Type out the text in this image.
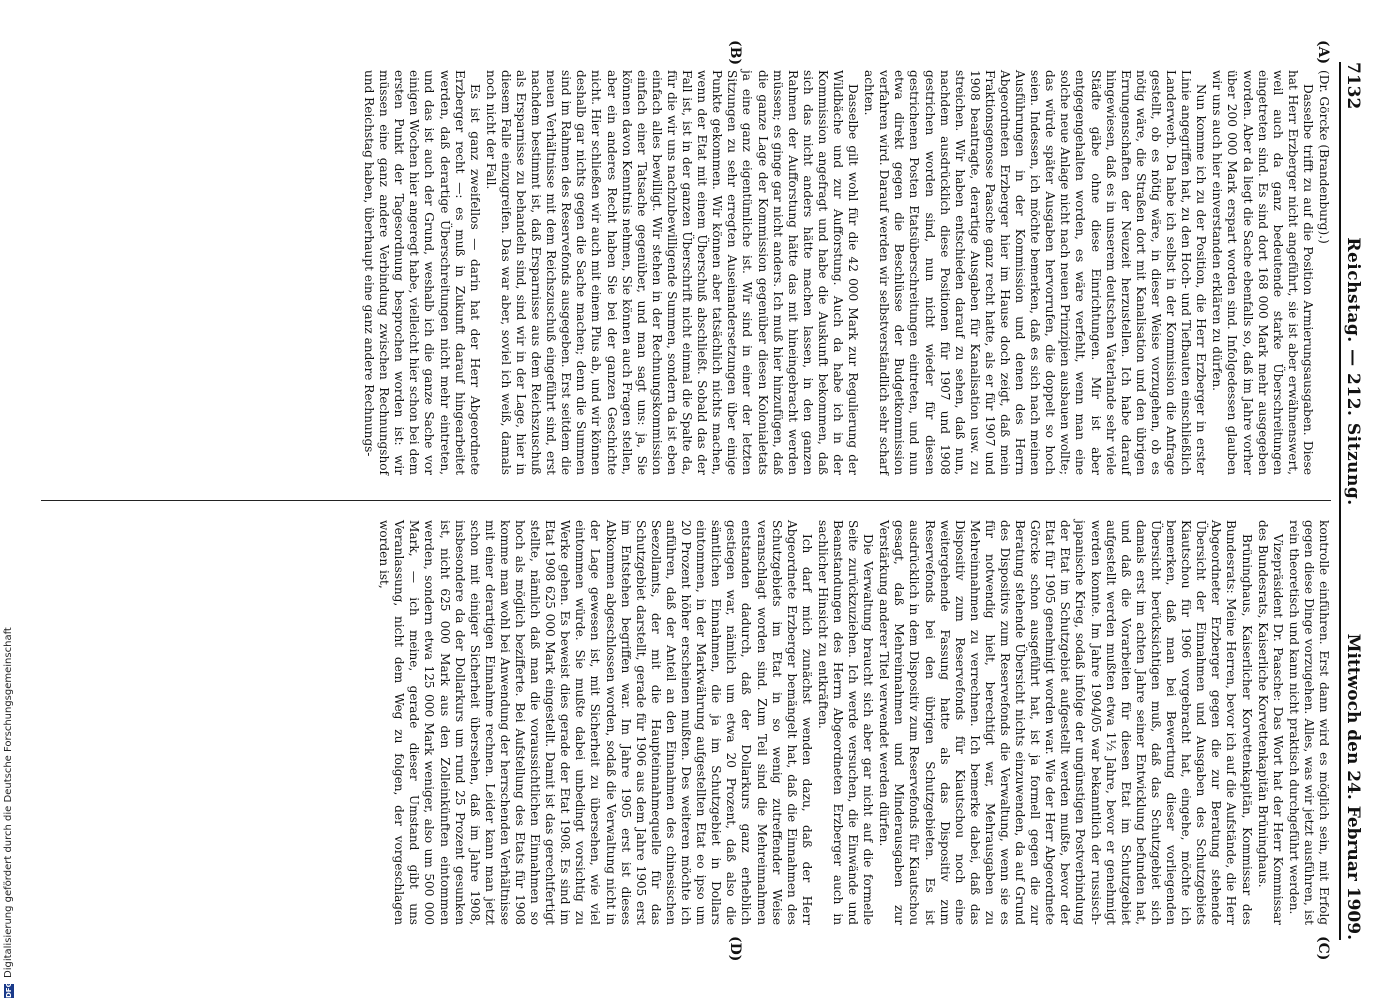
7132
Reichstag. — 212. Sitzung.
Mittwoch den 24. Februar 1909.
(A)
(B)
(C)
(D)

(Dr. Görcke (Brandenburg).)

Dasselbe trifft zu auf die Position Armierungsausgaben. Diese hat Herr Erzberger nicht angeführt, sie ist aber erwähnenswert, weil auch da ganz bedeutende starke Überschreitungen eingetreten sind. Es sind dort 168 000 Mark mehr ausgegeben worden. Aber da liegt die Sache ebenfalls so, daß im Jahre vorher über 200 000 Mark erspart worden sind. Infolgedessen glauben wir uns auch hier einverstanden erklären zu dürfen.

Nun komme ich zu der Position, die Herr Erzberger in erster Linie angegriffen hat, zu den Hoch- und Tiefbauten einschließlich Landerwerb. Da habe ich selbst in der Kommission die Anfrage gestellt, ob es nötig wäre, in dieser Weise vorzugehen, ob es nötig wäre, die Straßen dort mit Kanalisation und den übrigen Errungenschaften der Neuzeit herzustellen. Ich habe darauf hingewiesen, daß es in unserem deutschen Vaterlande sehr viele Städte gäbe ohne diese Einrichtungen. Mir ist aber entgegengehalten worden, es wäre verfehlt, wenn man eine solche neue Anlage nicht nach neuen Prinzipien ausbauen wollte; das würde später Ausgaben hervorrufen, die doppelt so hoch seien. Indessen, ich möchte bemerken, daß es sich nach meinen Ausführungen in der Kommission und denen des Herrn Abgeordneten Erzberger hier im Hause doch zeigt, daß mein Fraktionsgenosse Paasche ganz recht hatte, als er für 1907 und 1908 beantragte, derartige Ausgaben für Kanalisation usw. zu streichen. Wir haben entschieden darauf zu sehen, daß nun, nachdem ausdrücklich diese Positionen für 1907 und 1908 gestrichen worden sind, nun nicht wieder für diesen gestrichenen Posten Etatsüberschreitungen eintreten, und nun etwa direkt gegen die Beschlüsse der Budgetkommission verfahren wird. Darauf werden wir selbstverständlich sehr scharf achten.

Dasselbe gilt wohl für die 42 000 Mark zur Regulierung der Wildbäche und zur Aufforstung. Auch da habe ich in der Kommission angefragt und habe die Auskunft bekommen, daß sich das nicht anders hätte machen lassen, in den ganzen Rahmen der Aufforstung hätte das mit hineingebracht werden müssen; es ginge gar nicht anders. Ich muß hier hinzufügen, daß die ganze Lage der Kommission gegenüber diesen Kolonialetats ja eine ganz eigentümliche ist. Wir sind in einer der letzten Sitzungen zu sehr erregten Auseinandersetzungen über einige Punkte gekommen. Wir können aber tatsächlich nichts machen, wenn der Etat mit einem Überschuß abschließt. Sobald das der Fall ist, ist in der ganzen Überschrift nicht einmal die Spalte da, für die wir uns nachzubewilligende Summen, sondern da ist eben einfach alles bewilligt. Wir stehen in der Rechnungskommission einfach einer Tatsache gegenüber, und man sagt uns: ja, Sie können davon Kenntnis nehmen, Sie können auch Fragen stellen, aber ein anderes Recht haben Sie bei der ganzen Geschichte nicht. Hier schließen wir auch mit einem Plus ab, und wir können deshalb gar nichts gegen die Sache machen; denn die Summen sind im Rahmen des Reservefonds ausgegeben. Erst seitdem die neuen Verhältnisse mit dem Reichszuschuß eingeführt sind, erst nachdem bestimmt ist, daß Ersparnisse aus dem Reichszuschuß als Ersparnisse zu behandeln sind, sind wir in der Lage, hier in diesem Falle einzugreifen. Das war aber, soviel ich weiß, damals noch nicht der Fall.

Es ist ganz zweifellos — darin hat der Herr Abgeordnete Erzberger recht —: es muß in Zukunft darauf hingearbeitet werden, daß derartige Überschreitungen nicht mehr eintreten, und das ist auch der Grund, weshalb ich die ganze Sache vor einigen Wochen hier angeregt habe, vielleicht hier schon bei dem ersten Punkt der Tagesordnung besprochen worden ist: wir müssen eine ganz andere Verbindung zwischen Rechnungshof und Reichstag haben, überhaupt eine ganz andere Rechnungs-

kontrolle einführen. Erst dann wird es möglich sein, mit Erfolg gegen diese Dinge vorzugehen. Alles, was wir jetzt ausführen, ist rein theoretisch und kann nicht praktisch durchgeführt werden.

Vizepräsident Dr. Paasche: Das Wort hat der Herr Kommissar des Bundesrats, Kaiserliche Korvettenkapitän Brüninghaus.

Brüninghaus, Kaiserlicher Korvettenkapitän, Kommissar des Bundesrats: Meine Herren, bevor ich auf die Aufstände, die Herr Abgeordneter Erzberger gegen die zur Beratung stehende Übersicht der Einnahmen und Ausgaben des Schutzgebiets Kiautschou für 1906 vorgebracht hat, eingehe, möchte ich bemerken, daß man bei Bewertung dieser vorliegenden Übersicht berücksichtigen muß, daß das Schutzgebiet sich damals erst im achten Jahre seiner Entwicklung befunden hat, und daß die Vorarbeiten für diesen Etat im Schutzgebiet aufgestellt werden mußten etwa 1½ Jahre, bevor er genehmigt werden konnte. Im Jahre 1904/05 war bekanntlich der russisch-japanische Krieg, sodaß infolge der ungünstigen Postverbindung der Etat im Schutzgebiet aufgestellt werden mußte, bevor der Etat für 1905 genehmigt worden war. Wie der Herr Abgeordnete Görcke schon ausgeführt hat, ist ja formell gegen die zur Beratung stehende Übersicht nichts einzuwenden, da auf Grund des Dispositivs zum Reservefonds die Verwaltung, wenn sie es für notwendig hielt, berechtigt war, Mehrausgaben zu Mehreinnahmen zu verrechnen. Ich bemerke dabei, daß das Dispositiv zum Reservefonds für Kiautschou noch eine weitergehende Fassung hatte als das Dispositiv zum Reservefonds bei den übrigen Schutzgebieten. Es ist ausdrücklich in dem Dispositiv zum Reservefonds für Kiautschou gesagt, daß Mehreinnahmen und Minderausgaben zur Verstärkung anderer Titel verwendet werden dürfen.

Die Verwaltung braucht sich aber gar nicht auf die formelle Seite zurückzuziehen. Ich werde versuchen, die Einwände und Beanstandungen des Herrn Abgeordneten Erzberger auch in sachlicher Hinsicht zu entkräften.

Ich darf mich zunächst wenden dazu, daß der Herr Abgeordnete Erzberger bemängelt hat, daß die Einnahmen des Schutzgebiets im Etat in so wenig zutreffender Weise veranschlagt worden sind. Zum Teil sind die Mehreinnahmen entstanden dadurch, daß der Dollarkurs ganz erheblich gestiegen war, nämlich um etwa 20 Prozent, daß also die sämtlichen Einnahmen, die ja im Schutzgebiet in Dollars eintommen, in der Markwährung aufgestellten Etat eo ipso um 20 Prozent höher erscheinen mußten. Des weiteren möchte ich anführen, daß der Anteil an den Einnahmen des chinesischen Seezollamts, der mit die Haupteinnahmequelle für das Schutzgebiet darstellt, gerade für 1906 aus dem Jahre 1905 erst im Entstehen begriffen war. Im Jahre 1905 erst ist dieses Abkommen abgeschlossen worden, sodaß die Verwaltung nicht in der Lage gewesen ist, mit Sicherheit zu übersehen, wie viel eintommen würde. Sie mußte dabei unbedingt vorsichtig zu Werke gehen. Es beweist dies gerade der Etat 1908. Es sind im Etat 1908 625 000 Mark eingestellt. Damit ist das gerechtfertigt stellte, nämlich daß man die voraussichtlichen Einnahmen so hoch als möglich bezifferte. Bei Aufstellung des Etats für 1908 komme man wohl bei Anwendung der herrschenden Verhältnisse mit einer derartigen Einnahme rechnen. Leider kann man jetzt schon mit einiger Sicherheit übersehen, daß im Jahre 1908, insbesondere da der Dollarkurs um rund 25 Prozent gesunken ist, nicht 625 000 Mark aus den Zolleinkünften eintommen werden, sondern etwa 125 000 Mark weniger, also um 500 000 Mark, — ich meine, gerade dieser Umstand gibt uns Veranlassung, nicht dem Weg zu folgen, der vorgeschlagen worden ist,

DFG
Digitalisierung gefördert durch die Deutsche Forschungsgemeinschaft
